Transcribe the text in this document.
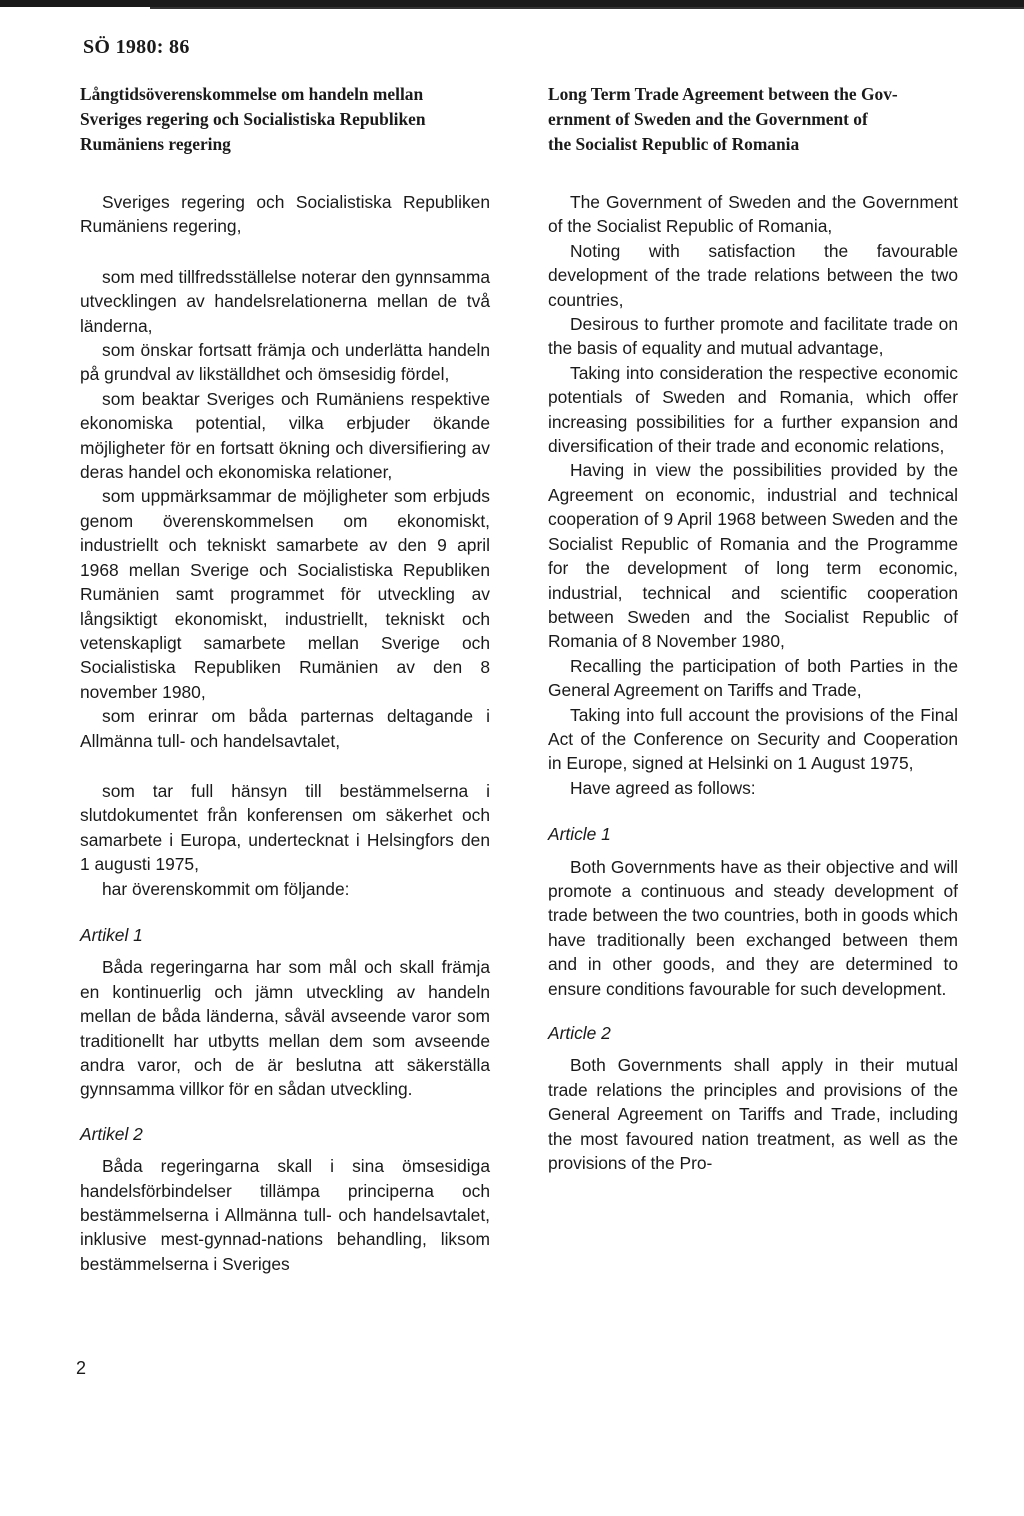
SÖ 1980: 86

Långtidsöverenskommelse om handeln mellan

Sveriges regering och Socialistiska Republiken

Rumäniens regering

Sveriges regering och Socialistiska Republiken Rumäniens regering,

som med tillfredsställelse noterar den gynnsamma utvecklingen av handelsrelationerna mellan de två länderna,

som önskar fortsatt främja och underlätta handeln på grundval av likställdhet och ömsesidig fördel,

som beaktar Sveriges och Rumäniens respektive ekonomiska potential, vilka erbjuder ökande möjligheter för en fortsatt ökning och diversifiering av deras handel och ekonomiska relationer,

som uppmärksammar de möjligheter som erbjuds genom överenskommelsen om ekonomiskt, industriellt och tekniskt samarbete av den 9 april 1968 mellan Sverige och Socialistiska Republiken Rumänien samt programmet för utveckling av långsiktigt ekonomiskt, industriellt, tekniskt och vetenskapligt samarbete mellan Sverige och Socialistiska Republiken Rumänien av den 8 november 1980,

som erinrar om båda parternas deltagande i Allmänna tull- och handelsavtalet,

som tar full hänsyn till bestämmelserna i slutdokumentet från konferensen om säkerhet och samarbete i Europa, undertecknat i Helsingfors den 1 augusti 1975,

har överenskommit om följande:

Artikel 1

Båda regeringarna har som mål och skall främja en kontinuerlig och jämn utveckling av handeln mellan de båda länderna, såväl avseende varor som traditionellt har utbytts mellan dem som avseende andra varor, och de är beslutna att säkerställa gynnsamma villkor för en sådan utveckling.

Artikel 2

Båda regeringarna skall i sina ömsesidiga handelsförbindelser tillämpa principerna och bestämmelserna i Allmänna tull- och handelsavtalet, inklusive mest-gynnad-nations behandling, liksom bestämmelserna i Sveriges

Long Term Trade Agreement between the Gov-

ernment of Sweden and the Government of

the Socialist Republic of Romania

The Government of Sweden and the Government of the Socialist Republic of Romania,

Noting with satisfaction the favourable development of the trade relations between the two countries,

Desirous to further promote and facilitate trade on the basis of equality and mutual advantage,

Taking into consideration the respective economic potentials of Sweden and Romania, which offer increasing possibilities for a further expansion and diversification of their trade and economic relations,

Having in view the possibilities provided by the Agreement on economic, industrial and technical cooperation of 9 April 1968 between Sweden and the Socialist Republic of Romania and the Programme for the development of long term economic, industrial, technical and scientific cooperation between Sweden and the Socialist Republic of Romania of 8 November 1980,

Recalling the participation of both Parties in the General Agreement on Tariffs and Trade,

Taking into full account the provisions of the Final Act of the Conference on Security and Cooperation in Europe, signed at Helsinki on 1 August 1975,

Have agreed as follows:

Article 1

Both Governments have as their objective and will promote a continuous and steady development of trade between the two countries, both in goods which have traditionally been exchanged between them and in other goods, and they are determined to ensure conditions favourable for such development.

Article 2

Both Governments shall apply in their mutual trade relations the principles and provisions of the General Agreement on Tariffs and Trade, including the most favoured nation treatment, as well as the provisions of the Pro-

2
